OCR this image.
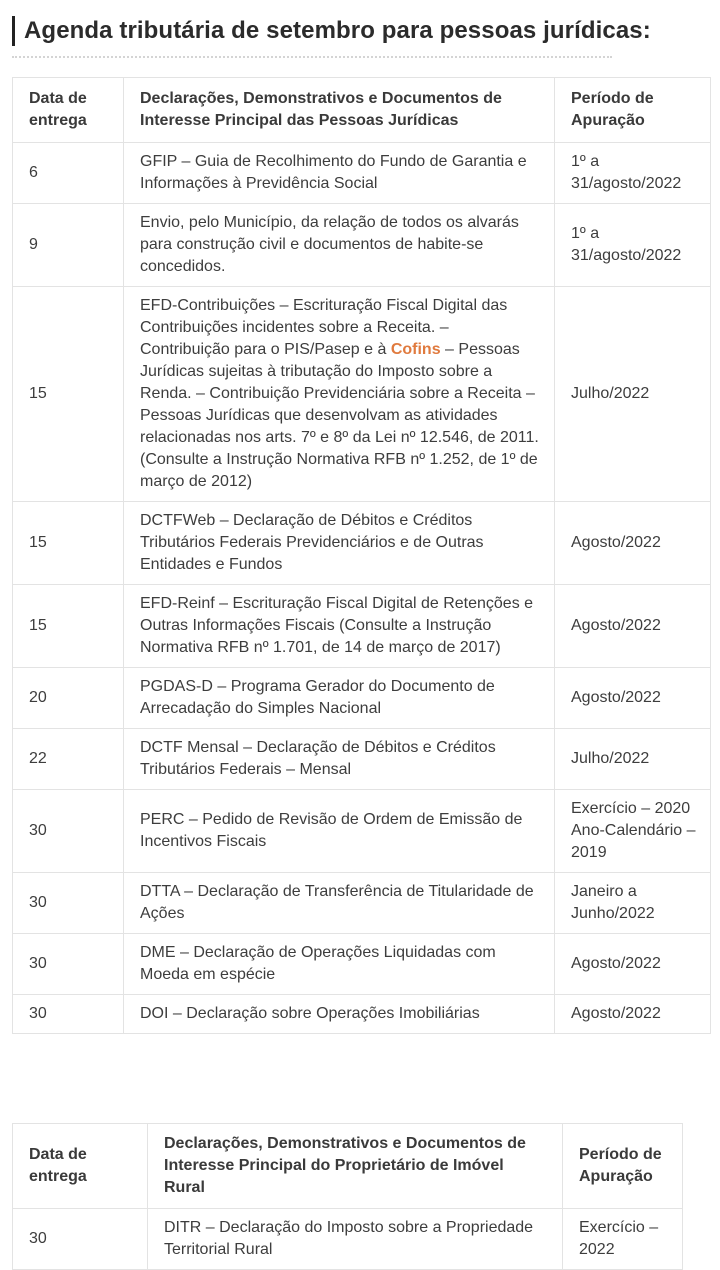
Agenda tributária de setembro para pessoas jurídicas:
Data de entrega	Declarações, Demonstrativos e Documentos de Interesse Principal das Pessoas Jurídicas	Período de Apuração
6	GFIP – Guia de Recolhimento do Fundo de Garantia e Informações à Previdência Social	1º a 31/agosto/2022
9	Envio, pelo Município, da relação de todos os alvarás para construção civil e documentos de habite-se concedidos.	1º a 31/agosto/2022
15	EFD-Contribuições – Escrituração Fiscal Digital das Contribuições incidentes sobre a Receita. – Contribuição para o PIS/Pasep e à Cofins – Pessoas Jurídicas sujeitas à tributação do Imposto sobre a Renda. – Contribuição Previdenciária sobre a Receita – Pessoas Jurídicas que desenvolvam as atividades relacionadas nos arts. 7º e 8º da Lei nº 12.546, de 2011. (Consulte a Instrução Normativa RFB nº 1.252, de 1º de março de 2012)	Julho/2022
15	DCTFWeb – Declaração de Débitos e Créditos Tributários Federais Previdenciários e de Outras Entidades e Fundos	Agosto/2022
15	EFD-Reinf – Escrituração Fiscal Digital de Retenções e Outras Informações Fiscais (Consulte a Instrução Normativa RFB nº 1.701, de 14 de março de 2017)	Agosto/2022
20	PGDAS-D – Programa Gerador do Documento de Arrecadação do Simples Nacional	Agosto/2022
22	DCTF Mensal – Declaração de Débitos e Créditos Tributários Federais – Mensal	Julho/2022
30	PERC – Pedido de Revisão de Ordem de Emissão de Incentivos Fiscais	Exercício – 2020 Ano-Calendário – 2019
30	DTTA – Declaração de Transferência de Titularidade de Ações	Janeiro a Junho/2022
30	DME – Declaração de Operações Liquidadas com Moeda em espécie	Agosto/2022
30	DOI – Declaração sobre Operações Imobiliárias	Agosto/2022
Data de entrega	Declarações, Demonstrativos e Documentos de Interesse Principal do Proprietário de Imóvel Rural	Período de Apuração
30	DITR – Declaração do Imposto sobre a Propriedade Territorial Rural	Exercício – 2022
